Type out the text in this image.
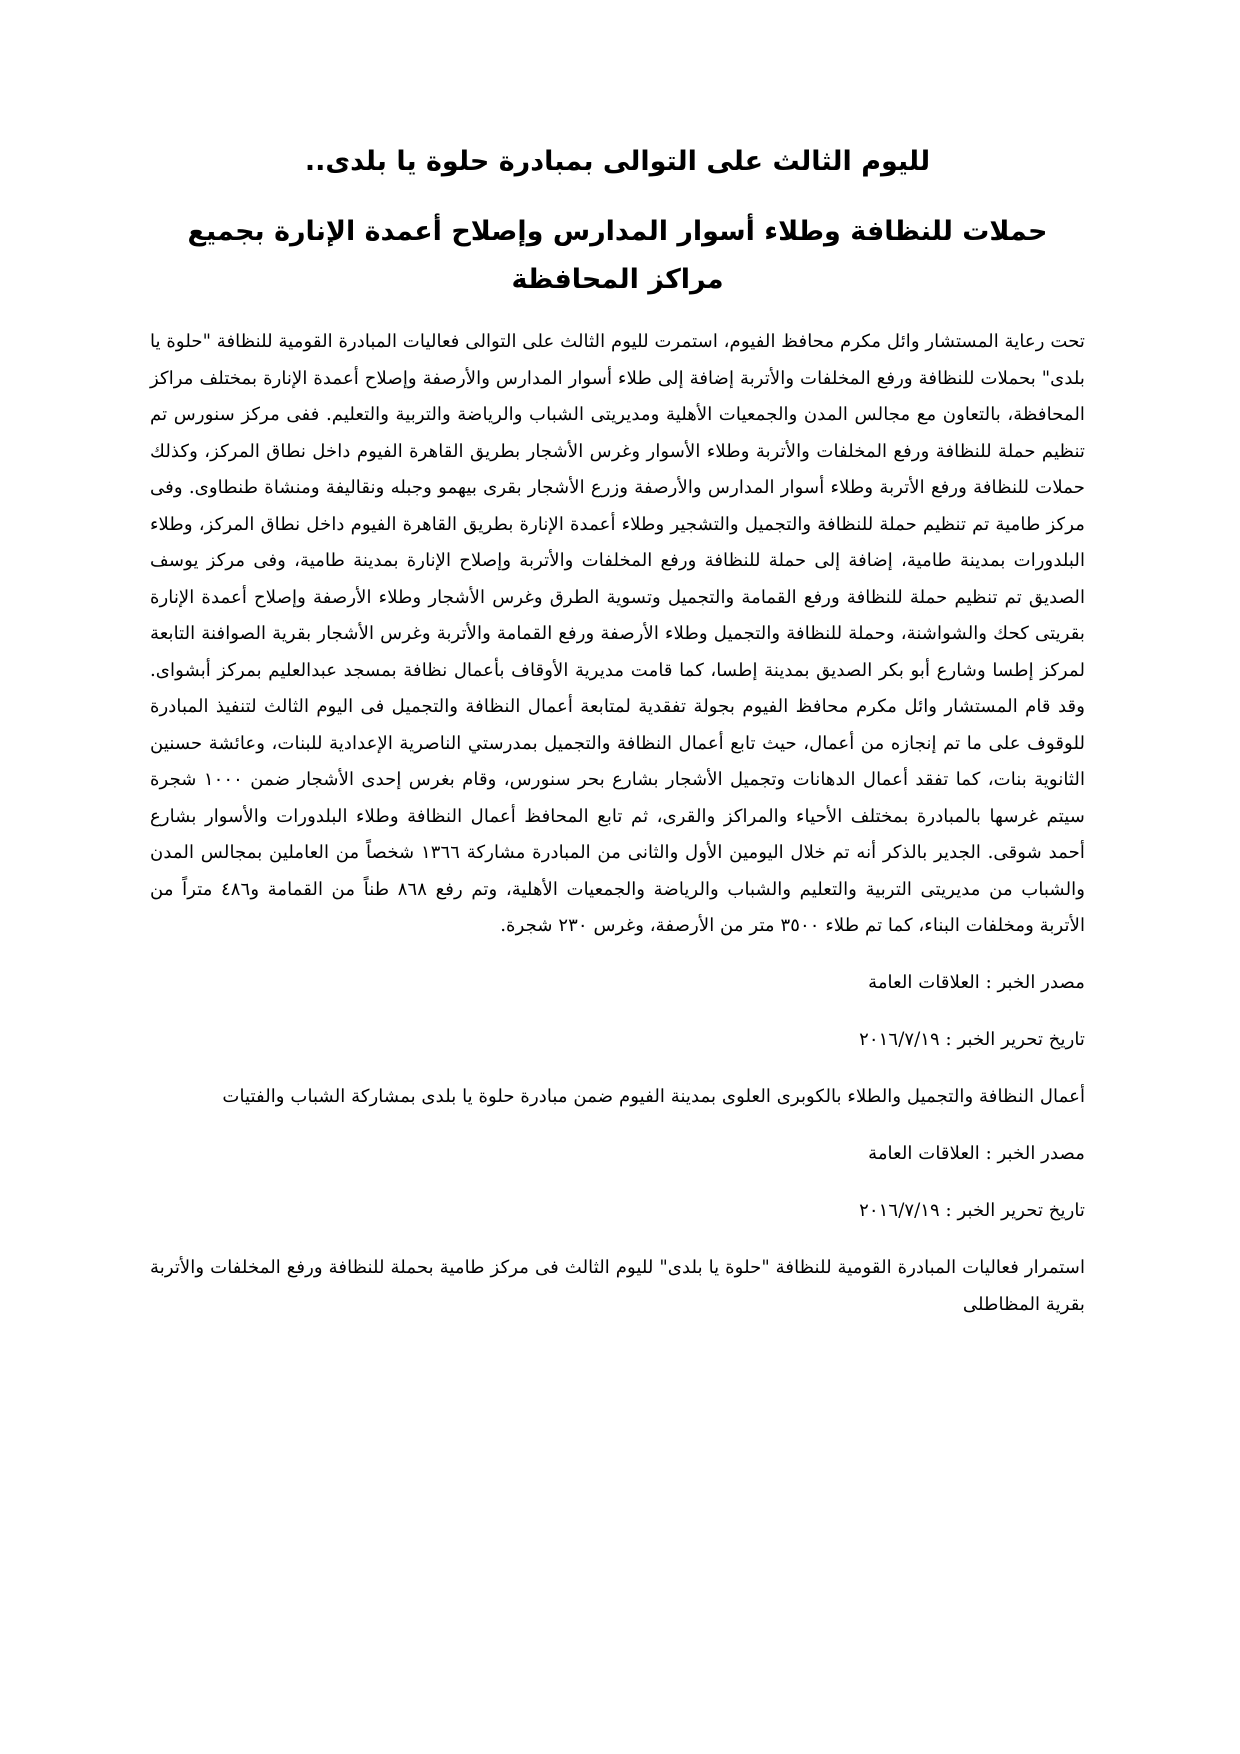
لليوم الثالث على التوالى بمبادرة حلوة يا بلدى..
حملات للنظافة وطلاء أسوار المدارس وإصلاح أعمدة الإنارة بجميع مراكز المحافظة

تحت رعاية المستشار وائل مكرم محافظ الفيوم، استمرت لليوم الثالث على التوالى فعاليات المبادرة القومية للنظافة "حلوة يا بلدى" بحملات للنظافة ورفع المخلفات والأتربة إضافة إلى طلاء أسوار المدارس والأرصفة وإصلاح أعمدة الإنارة بمختلف مراكز المحافظة، بالتعاون مع مجالس المدن والجمعيات الأهلية ومديريتى الشباب والرياضة والتربية والتعليم. ففى مركز سنورس تم تنظيم حملة للنظافة ورفع المخلفات والأتربة وطلاء الأسوار وغرس الأشجار بطريق القاهرة الفيوم داخل نطاق المركز، وكذلك حملات للنظافة ورفع الأتربة وطلاء أسوار المدارس والأرصفة وزرع الأشجار بقرى بيهمو وجبله ونقاليفة ومنشاة طنطاوى. وفى مركز طامية تم تنظيم حملة للنظافة والتجميل والتشجير وطلاء أعمدة الإنارة بطريق القاهرة الفيوم داخل نطاق المركز، وطلاء البلدورات بمدينة طامية، إضافة إلى حملة للنظافة ورفع المخلفات والأتربة وإصلاح الإنارة بمدينة طامية، وفى مركز يوسف الصديق تم تنظيم حملة للنظافة ورفع القمامة والتجميل وتسوية الطرق وغرس الأشجار وطلاء الأرصفة وإصلاح أعمدة الإنارة بقريتى كحك والشواشنة، وحملة للنظافة والتجميل وطلاء الأرصفة ورفع القمامة والأتربة وغرس الأشجار بقرية الصوافنة التابعة لمركز إطسا وشارع أبو بكر الصديق بمدينة إطسا، كما قامت مديرية الأوقاف بأعمال نظافة بمسجد عبدالعليم بمركز أبشواى. وقد قام المستشار وائل مكرم محافظ الفيوم بجولة تفقدية لمتابعة أعمال النظافة والتجميل فى اليوم الثالث لتنفيذ المبادرة للوقوف على ما تم إنجازه من أعمال، حيث تابع أعمال النظافة والتجميل بمدرستي الناصرية الإعدادية للبنات، وعائشة حسنين الثانوية بنات، كما تفقد أعمال الدهانات وتجميل الأشجار بشارع بحر سنورس، وقام بغرس إحدى الأشجار ضمن ١٠٠٠ شجرة سيتم غرسها بالمبادرة بمختلف الأحياء والمراكز والقرى، ثم تابع المحافظ أعمال النظافة وطلاء البلدورات والأسوار بشارع أحمد شوقى. الجدير بالذكر أنه تم خلال اليومين الأول والثانى من المبادرة مشاركة ١٣٦٦ شخصاً من العاملين بمجالس المدن والشباب من مديريتى التربية والتعليم والشباب والرياضة والجمعيات الأهلية، وتم رفع ٨٦٨ طناً من القمامة و٤٨٦ متراً من الأتربة ومخلفات البناء، كما تم طلاء ٣٥٠٠ متر من الأرصفة، وغرس ٢٣٠ شجرة.

مصدر الخبر : العلاقات العامة

تاريخ تحرير الخبر : ٢٠١٦/٧/١٩

أعمال النظافة والتجميل والطلاء بالكوبرى العلوى بمدينة الفيوم ضمن مبادرة حلوة يا بلدى بمشاركة الشباب والفتيات

مصدر الخبر : العلاقات العامة

تاريخ تحرير الخبر : ٢٠١٦/٧/١٩

استمرار فعاليات المبادرة القومية للنظافة "حلوة يا بلدى" لليوم الثالث فى مركز طامية بحملة للنظافة ورفع المخلفات والأتربة بقرية المظاطلى
